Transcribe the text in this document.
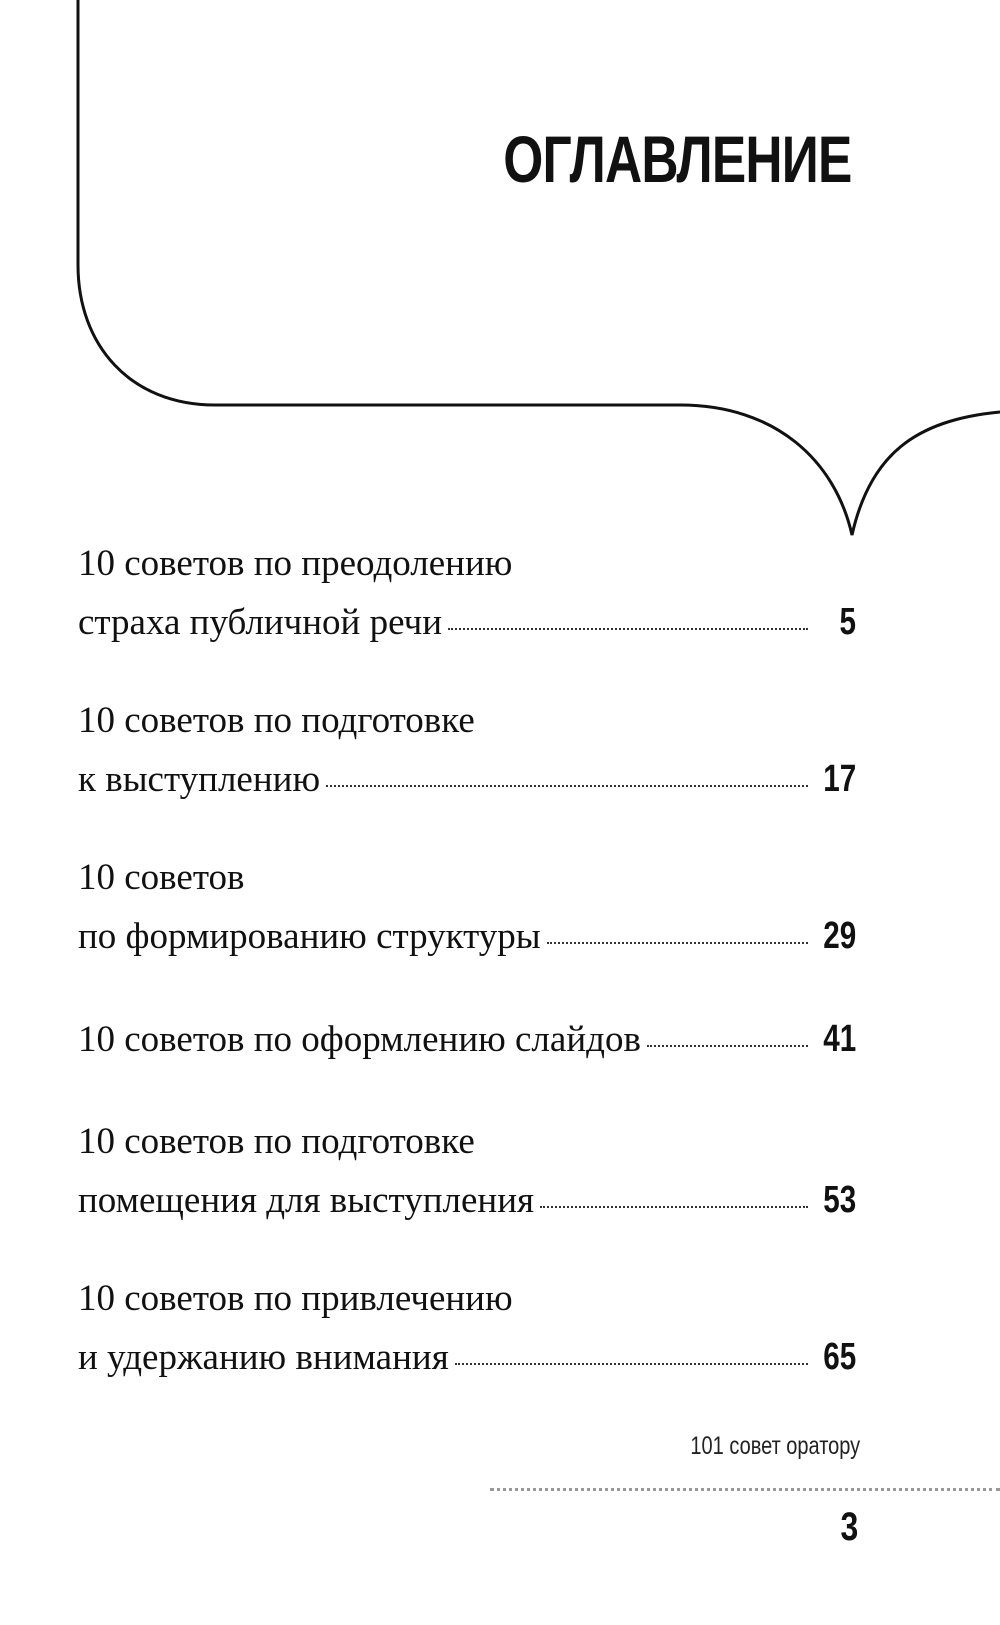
ОГЛАВЛЕНИЕ
10 советов по преодолению
страха публичной речи	5
10 советов по подготовке
к выступлению	17
10 советов
по формированию структуры	29
10 советов по оформлению слайдов	41
10 советов по подготовке
помещения для выступления	53
10 советов по привлечению
и удержанию внимания	65
101 совет оратору
3
